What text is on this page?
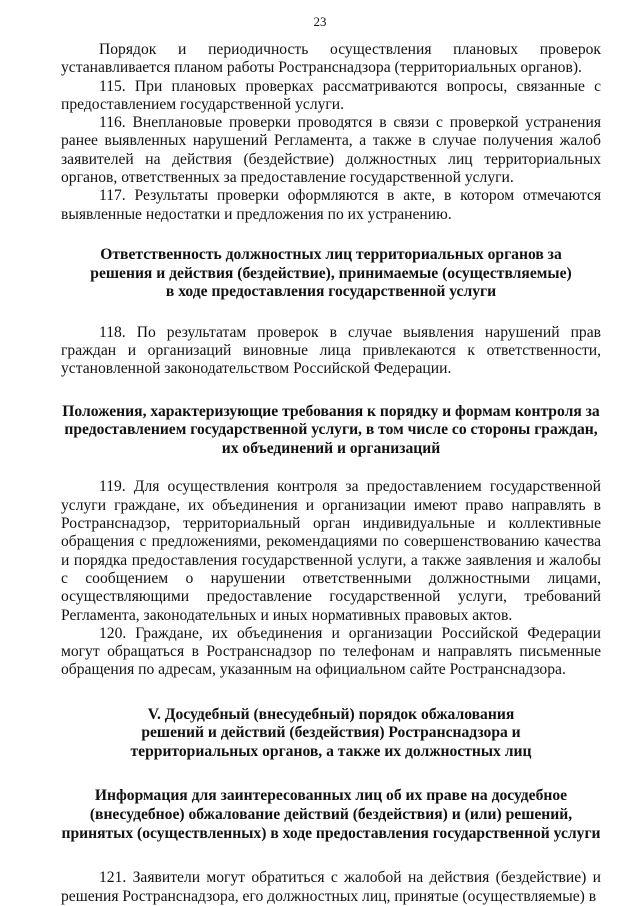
23

Порядок и периодичность осуществления плановых проверок устанавливается планом работы Ространснадзора (территориальных органов).

115. При плановых проверках рассматриваются вопросы, связанные с предоставлением государственной услуги.

116. Внеплановые проверки проводятся в связи с проверкой устранения ранее выявленных нарушений Регламента, а также в случае получения жалоб заявителей на действия (бездействие) должностных лиц территориальных органов, ответственных за предоставление государственной услуги.

117. Результаты проверки оформляются в акте, в котором отмечаются выявленные недостатки и предложения по их устранению.

Ответственность должностных лиц территориальных органов за решения и действия (бездействие), принимаемые (осуществляемые) в ходе предоставления государственной услуги

118. По результатам проверок в случае выявления нарушений прав граждан и организаций виновные лица привлекаются к ответственности, установленной законодательством Российской Федерации.

Положения, характеризующие требования к порядку и формам контроля за предоставлением государственной услуги, в том числе со стороны граждан, их объединений и организаций

119. Для осуществления контроля за предоставлением государственной услуги граждане, их объединения и организации имеют право направлять в Ространснадзор, территориальный орган индивидуальные и коллективные обращения с предложениями, рекомендациями по совершенствованию качества и порядка предоставления государственной услуги, а также заявления и жалобы с сообщением о нарушении ответственными должностными лицами, осуществляющими предоставление государственной услуги, требований Регламента, законодательных и иных нормативных правовых актов.

120. Граждане, их объединения и организации Российской Федерации могут обращаться в Ространснадзор по телефонам и направлять письменные обращения по адресам, указанным на официальном сайте Ространснадзора.

V. Досудебный (внесудебный) порядок обжалования решений и действий (бездействия) Ространснадзора и территориальных органов, а также их должностных лиц

Информация для заинтересованных лиц об их праве на досудебное (внесудебное) обжалование действий (бездействия) и (или) решений, принятых (осуществленных) в ходе предоставления государственной услуги

121. Заявители могут обратиться с жалобой на действия (бездействие) и решения Ространснадзора, его должностных лиц, принятые (осуществляемые) в
